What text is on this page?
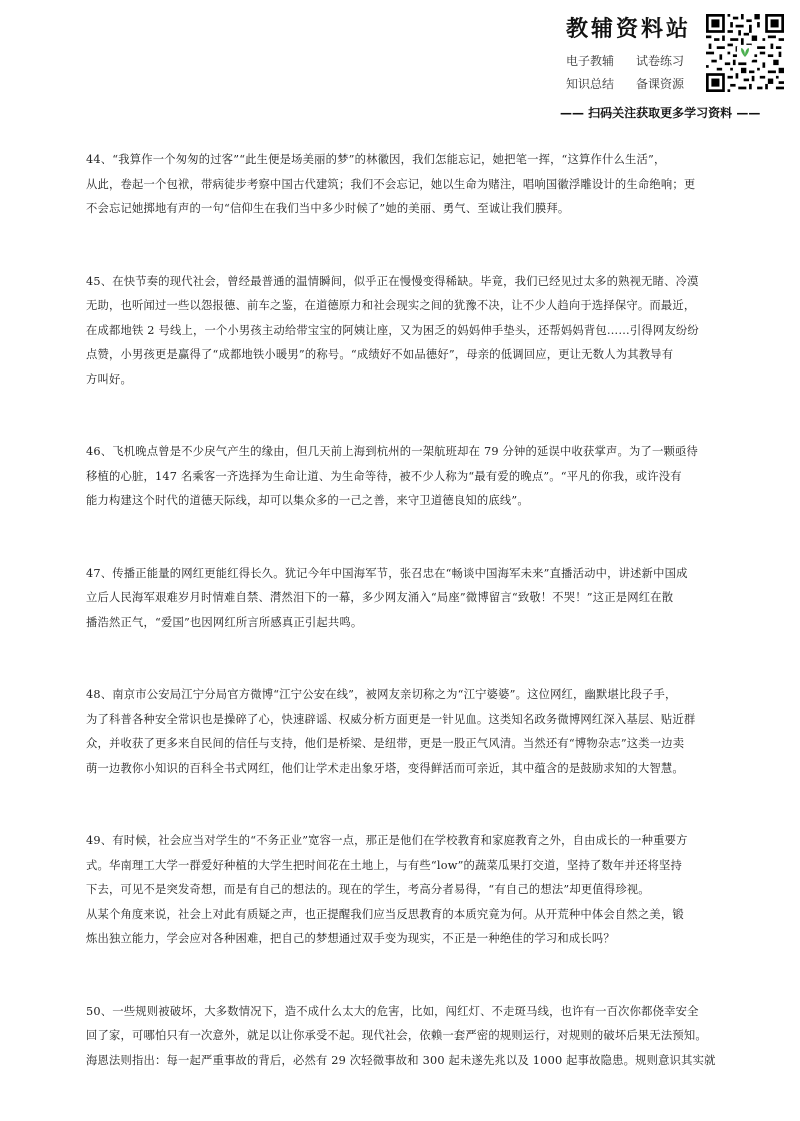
教辅资料站
电子教辅	试卷练习
知识总结	备课资源
—— 扫码关注获取更多学习资料 ——

44、“我算作一个匆匆的过客”“此生便是场美丽的梦”的林徽因，我们怎能忘记，她把笔一挥，“这算作什么生活”，
从此，卷起一个包袱，带病徒步考察中国古代建筑；我们不会忘记，她以生命为赌注，唱响国徽浮雕设计的生命绝响；更
不会忘记她掷地有声的一句“信仰生在我们当中多少时候了”她的美丽、勇气、至诚让我们膜拜。

45、在快节奏的现代社会，曾经最普通的温情瞬间，似乎正在慢慢变得稀缺。毕竟，我们已经见过太多的熟视无睹、冷漠
无助，也听闻过一些以怨报德、前车之鉴，在道德原力和社会现实之间的犹豫不决，让不少人趋向于选择保守。而最近，
在成都地铁 2 号线上，一个小男孩主动给带宝宝的阿姨让座，又为困乏的妈妈伸手垫头，还帮妈妈背包……引得网友纷纷
点赞，小男孩更是赢得了“成都地铁小暖男”的称号。“成绩好不如品德好”，母亲的低调回应，更让无数人为其教导有
方叫好。

46、飞机晚点曾是不少戾气产生的缘由，但几天前上海到杭州的一架航班却在 79 分钟的延误中收获掌声。为了一颗亟待
移植的心脏，147 名乘客一齐选择为生命让道、为生命等待，被不少人称为“最有爱的晚点”。“平凡的你我，或许没有
能力构建这个时代的道德天际线，却可以集众多的一己之善，来守卫道德良知的底线”。

47、传播正能量的网红更能红得长久。犹记今年中国海军节，张召忠在“畅谈中国海军未来”直播活动中，讲述新中国成
立后人民海军艰难岁月时情难自禁、潸然泪下的一幕，多少网友涌入“局座”微博留言“致敬！不哭！”这正是网红在散
播浩然正气，“爱国”也因网红所言所感真正引起共鸣。

48、南京市公安局江宁分局官方微博“江宁公安在线”，被网友亲切称之为“江宁婆婆”。这位网红，幽默堪比段子手，
为了科普各种安全常识也是操碎了心，快速辟谣、权威分析方面更是一针见血。这类知名政务微博网红深入基层、贴近群
众，并收获了更多来自民间的信任与支持，他们是桥梁、是纽带，更是一股正气风清。当然还有“博物杂志”这类一边卖
萌一边教你小知识的百科全书式网红，他们让学术走出象牙塔，变得鲜活而可亲近，其中蕴含的是鼓励求知的大智慧。

49、有时候，社会应当对学生的“不务正业”宽容一点，那正是他们在学校教育和家庭教育之外，自由成长的一种重要方
式。华南理工大学一群爱好种植的大学生把时间花在土地上，与有些“low”的蔬菜瓜果打交道，坚持了数年并还将坚持
下去，可见不是突发奇想，而是有自己的想法的。现在的学生，考高分者易得，“有自己的想法”却更值得珍视。
从某个角度来说，社会上对此有质疑之声，也正提醒我们应当反思教育的本质究竟为何。从开荒种中体会自然之美，锻
炼出独立能力，学会应对各种困难，把自己的梦想通过双手变为现实，不正是一种绝佳的学习和成长吗？

50、一些规则被破坏，大多数情况下，造不成什么太大的危害，比如，闯红灯、不走斑马线，也许有一百次你都侥幸安全
回了家，可哪怕只有一次意外，就足以让你承受不起。现代社会，依赖一套严密的规则运行，对规则的破坏后果无法预知。
海恩法则指出：每一起严重事故的背后，必然有 29 次轻微事故和 300 起未遂先兆以及 1000 起事故隐患。规则意识其实就
